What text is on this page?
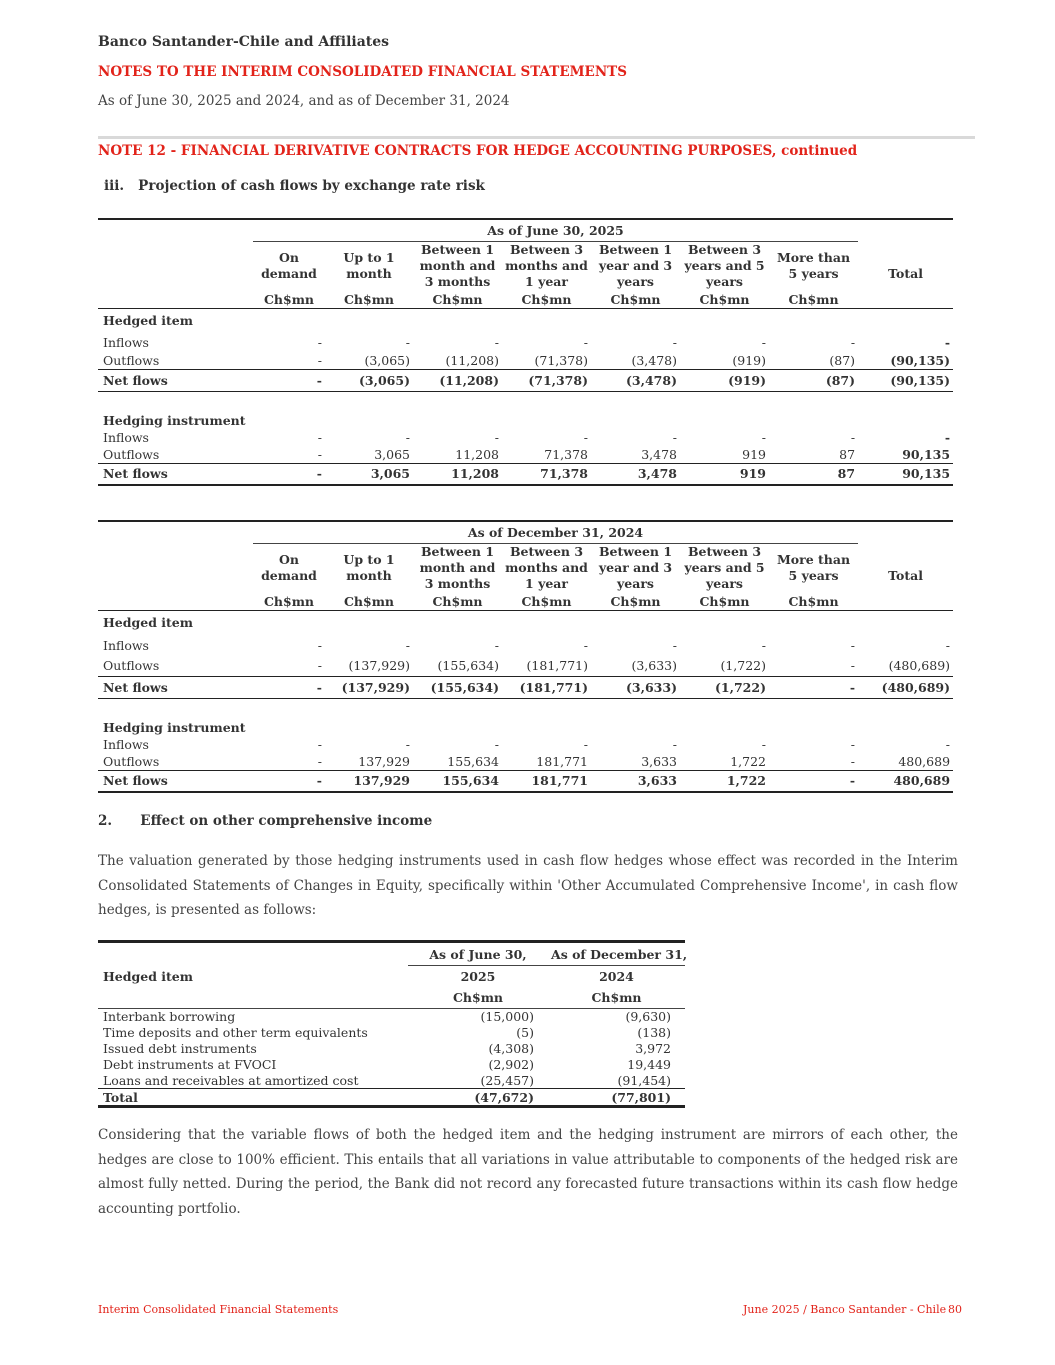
Banco Santander-Chile and Affiliates
NOTES TO THE INTERIM CONSOLIDATED FINANCIAL STATEMENTS
As of June 30, 2025 and 2024, and as of December 31, 2024
NOTE 12 - FINANCIAL DERIVATIVE CONTRACTS FOR HEDGE ACCOUNTING PURPOSES, continued
iii.   Projection of cash flows by exchange rate risk
	As of June 30, 2025							
	On demand	Up to 1 month	Between 1 month and 3 months	Between 3 months and 1 year	Between 1 year and 3 years	Between 3 years and 5 years	More than 5 years	Total
	Ch$mn	Ch$mn	Ch$mn	Ch$mn	Ch$mn	Ch$mn	Ch$mn	
Hedged item								
Inflows	-	-	-	-	-	-	-	-
Outflows	-	(3,065)	(11,208)	(71,378)	(3,478)	(919)	(87)	(90,135)
Net flows	-	(3,065)	(11,208)	(71,378)	(3,478)	(919)	(87)	(90,135)

Hedging instrument								
Inflows	-	-	-	-	-	-	-	-
Outflows	-	3,065	11,208	71,378	3,478	919	87	90,135
Net flows	-	3,065	11,208	71,378	3,478	919	87	90,135
	As of December 31, 2024							
	On demand	Up to 1 month	Between 1 month and 3 months	Between 3 months and 1 year	Between 1 year and 3 years	Between 3 years and 5 years	More than 5 years	Total
	Ch$mn	Ch$mn	Ch$mn	Ch$mn	Ch$mn	Ch$mn	Ch$mn	
Hedged item								
Inflows	-	-	-	-	-	-	-	-
Outflows	-	(137,929)	(155,634)	(181,771)	(3,633)	(1,722)	-	(480,689)
Net flows	-	(137,929)	(155,634)	(181,771)	(3,633)	(1,722)	-	(480,689)

Hedging instrument								
Inflows	-	-	-	-	-	-	-	-
Outflows	-	137,929	155,634	181,771	3,633	1,722	-	480,689
Net flows	-	137,929	155,634	181,771	3,633	1,722	-	480,689
2.      Effect on other comprehensive income
The valuation generated by those hedging instruments used in cash flow hedges whose effect was recorded in the Interim Consolidated Statements of Changes in Equity, specifically within 'Other Accumulated Comprehensive Income', in cash flow hedges, is presented as follows:
	As of June 30,	As of December 31,
Hedged item	2025	2024
	Ch$mn	Ch$mn
Interbank borrowing	(15,000)	(9,630)
Time deposits and other term equivalents	(5)	(138)
Issued debt instruments	(4,308)	3,972
Debt instruments at FVOCI	(2,902)	19,449
Loans and receivables at amortized cost	(25,457)	(91,454)
Total	(47,672)	(77,801)
Considering that the variable flows of both the hedged item and the hedging instrument are mirrors of each other, the hedges are close to 100% efficient. This entails that all variations in value attributable to components of the hedged risk are almost fully netted. During the period, the Bank did not record any forecasted future transactions within its cash flow hedge accounting portfolio.
Interim Consolidated Financial Statements	June 2025 / Banco Santander - Chile 80
